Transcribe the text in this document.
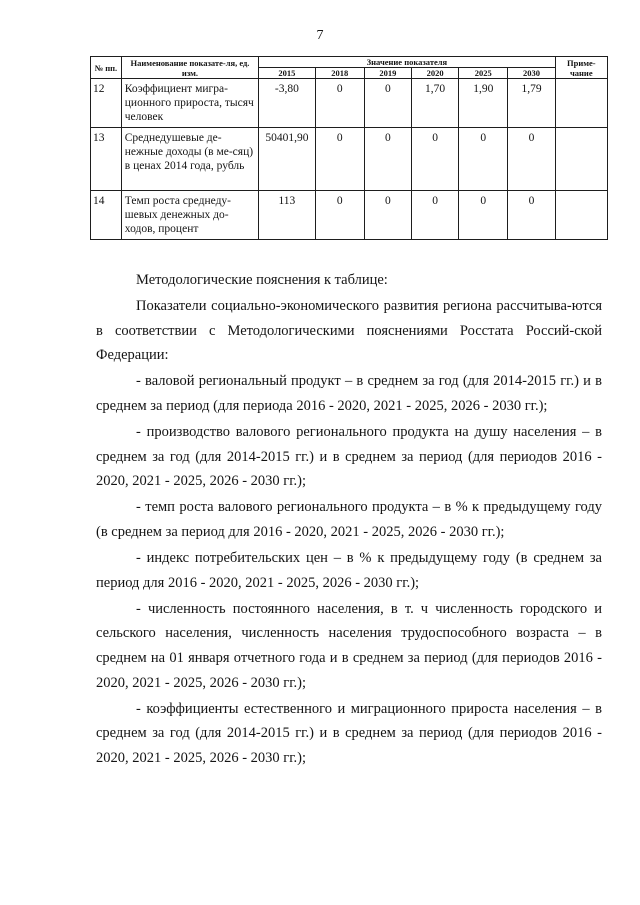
7
№ пп.	Наименование показате-ля, ед. изм.	Значение показателя						Приме-чание
		2015	2018	2019	2020	2025	2030	
12	Коэффициент мигра-ционного прироста, тысяч человек	-3,80	0	0	1,70	1,90	1,79	
13	Среднедушевые де-нежные доходы (в ме-сяц) в ценах 2014 года, рубль	50401,90	0	0	0	0	0	
14	Темп роста среднеду-шевых денежных до-ходов, процент	113	0	0	0	0	0	

Методологические пояснения к таблице:

Показатели социально-экономического развития региона рассчитыва-ются в соответствии с Методологическими пояснениями Росстата Россий-ской Федерации:

- валовой региональный продукт – в среднем за год (для 2014-2015 гг.) и в среднем за период (для периода 2016 - 2020, 2021 - 2025, 2026 - 2030 гг.);

- производство валового регионального продукта на душу населения – в среднем за год (для 2014-2015 гг.) и в среднем за период (для периодов 2016 - 2020, 2021 - 2025, 2026 - 2030 гг.);

- темп роста валового регионального продукта – в % к предыдущему году (в среднем за период для 2016 - 2020, 2021 - 2025, 2026 - 2030 гг.);

- индекс потребительских цен – в % к предыдущему году (в среднем за период для 2016 - 2020, 2021 - 2025, 2026 - 2030 гг.);

- численность постоянного населения, в т. ч численность городского и сельского населения, численность населения трудоспособного возраста – в среднем на 01 января отчетного года и в среднем за период (для периодов 2016 - 2020, 2021 - 2025, 2026 - 2030 гг.);

- коэффициенты естественного и миграционного прироста населения – в среднем за год (для 2014-2015 гг.) и в среднем за период (для периодов 2016 - 2020, 2021 - 2025, 2026 - 2030 гг.);
